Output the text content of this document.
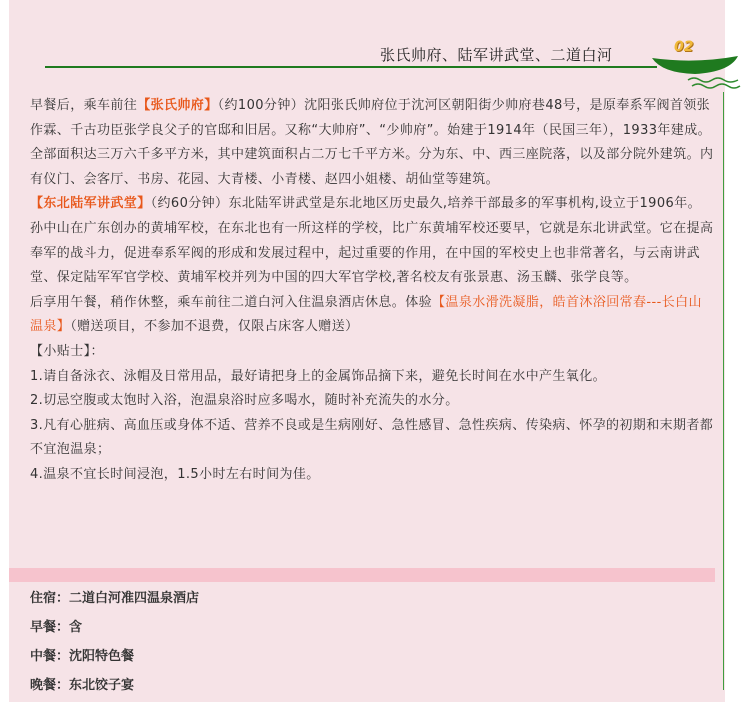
张氏帅府、陆军讲武堂、二道白河	02

早餐后，乘车前往【张氏帅府】（约100分钟）沈阳张氏帅府位于沈河区朝阳街少帅府巷48号，是原奉系军阀首领张作霖、千古功臣张学良父子的官邸和旧居。又称“大帅府”、“少帅府”。始建于1914年（民国三年），1933年建成。全部面积达三万六千多平方米，其中建筑面积占二万七千平方米。分为东、中、西三座院落，以及部分院外建筑。内有仪门、会客厅、书房、花园、大青楼、小青楼、赵四小姐楼、胡仙堂等建筑。

【东北陆军讲武堂】（约60分钟）东北陆军讲武堂是东北地区历史最久,培养干部最多的军事机构,设立于1906年。孙中山在广东创办的黄埔军校，在东北也有一所这样的学校，比广东黄埔军校还要早，它就是东北讲武堂。它在提高奉军的战斗力，促进奉系军阀的形成和发展过程中，起过重要的作用，在中国的军校史上也非常著名，与云南讲武堂、保定陆军军官学校、黄埔军校并列为中国的四大军官学校,著名校友有张景惠、汤玉麟、张学良等。

后享用午餐，稍作休整，乘车前往二道白河入住温泉酒店休息。体验【温泉水滑洗凝脂，皓首沐浴回常春---长白山温泉】（赠送项目，不参加不退费，仅限占床客人赠送）

【小贴士】：

1.请自备泳衣、泳帽及日常用品，最好请把身上的金属饰品摘下来，避免长时间在水中产生氧化。

2.切忌空腹或太饱时入浴，泡温泉浴时应多喝水，随时补充流失的水分。

3.凡有心脏病、高血压或身体不适、营养不良或是生病刚好、急性感冒、急性疾病、传染病、怀孕的初期和末期者都不宜泡温泉；

4.温泉不宜长时间浸泡，1.5小时左右时间为佳。

住宿：二道白河准四温泉酒店
早餐：含
中餐：沈阳特色餐
晚餐：东北饺子宴
